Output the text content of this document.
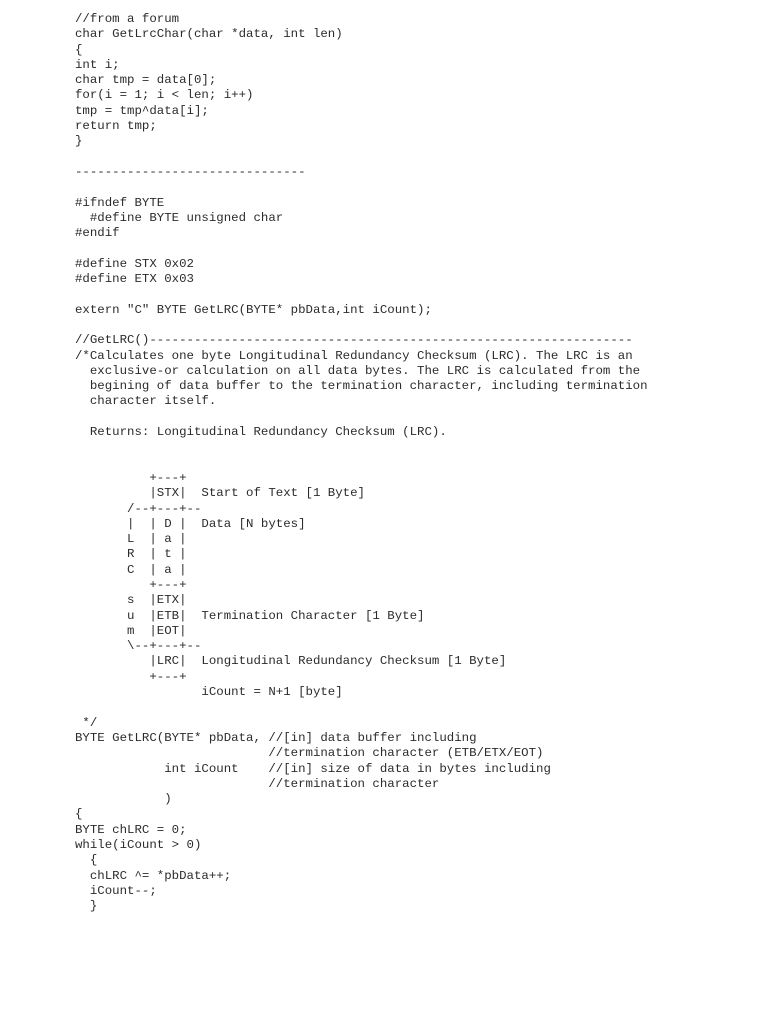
//from a forum
char GetLrcChar(char *data, int len)
{
int i;
char tmp = data[0];
for(i = 1; i < len; i++)
tmp = tmp^data[i];
return tmp;
}
-------------------------------
#ifndef BYTE
#define BYTE unsigned char
#endif
#define STX 0x02
#define ETX 0x03
extern "C" BYTE GetLRC(BYTE* pbData,int iCount);
//GetLRC()-----------------------------------------------------------------
/*Calculates one byte Longitudinal Redundancy Checksum (LRC). The LRC is an
exclusive-or calculation on all data bytes. The LRC is calculated from the
begining of data buffer to the termination character, including termination
character itself.
Returns: Longitudinal Redundancy Checksum (LRC).
+---+
|STX|  Start of Text [1 Byte]
/--+---+--
|  | D |  Data [N bytes]
L  | a |
R  | t |
C  | a |
+---+
s  |ETX|
u  |ETB|  Termination Character [1 Byte]
m  |EOT|
\--+---+--
|LRC|  Longitudinal Redundancy Checksum [1 Byte]
+---+
iCount = N+1 [byte]
*/
BYTE GetLRC(BYTE* pbData, //[in] data buffer including
//termination character (ETB/ETX/EOT)
int iCount    //[in] size of data in bytes including
//termination character
)
{
BYTE chLRC = 0;
while(iCount > 0)
{
chLRC ^= *pbData++;
iCount--;
}
